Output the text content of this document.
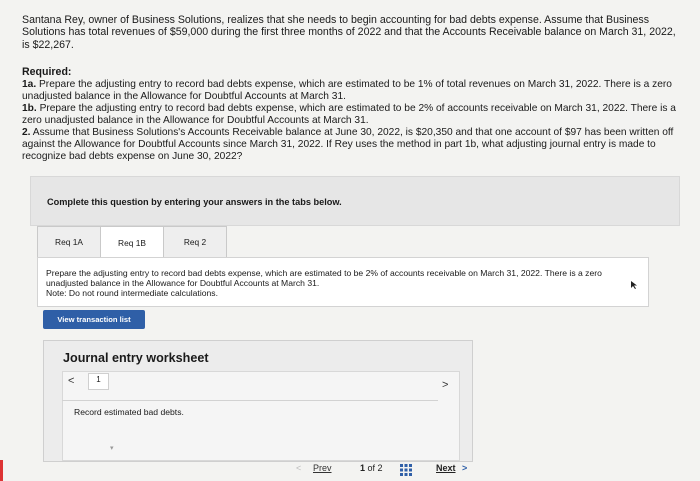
Santana Rey, owner of Business Solutions, realizes that she needs to begin accounting for bad debts expense. Assume that Business Solutions has total revenues of $59,000 during the first three months of 2022 and that the Accounts Receivable balance on March 31, 2022, is $22,267.

Required:

1a. Prepare the adjusting entry to record bad debts expense, which are estimated to be 1% of total revenues on March 31, 2022. There is a zero unadjusted balance in the Allowance for Doubtful Accounts at March 31.

1b. Prepare the adjusting entry to record bad debts expense, which are estimated to be 2% of accounts receivable on March 31, 2022. There is a zero unadjusted balance in the Allowance for Doubtful Accounts at March 31.

2. Assume that Business Solutions's Accounts Receivable balance at June 30, 2022, is $20,350 and that one account of $97 has been written off against the Allowance for Doubtful Accounts since March 31, 2022. If Rey uses the method in part 1b, what adjusting journal entry is made to recognize bad debts expense on June 30, 2022?

Complete this question by entering your answers in the tabs below.
Req 1A	Req 1B	Req 2
Prepare the adjusting entry to record bad debts expense, which are estimated to be 2% of accounts receivable on March 31, 2022. There is a zero unadjusted balance in the Allowance for Doubtful Accounts at March 31.
Note: Do not round intermediate calculations.
View transaction list
Journal entry worksheet
<	1	>
Record estimated bad debts.
▾
< Prev	1 of 2	Next >
